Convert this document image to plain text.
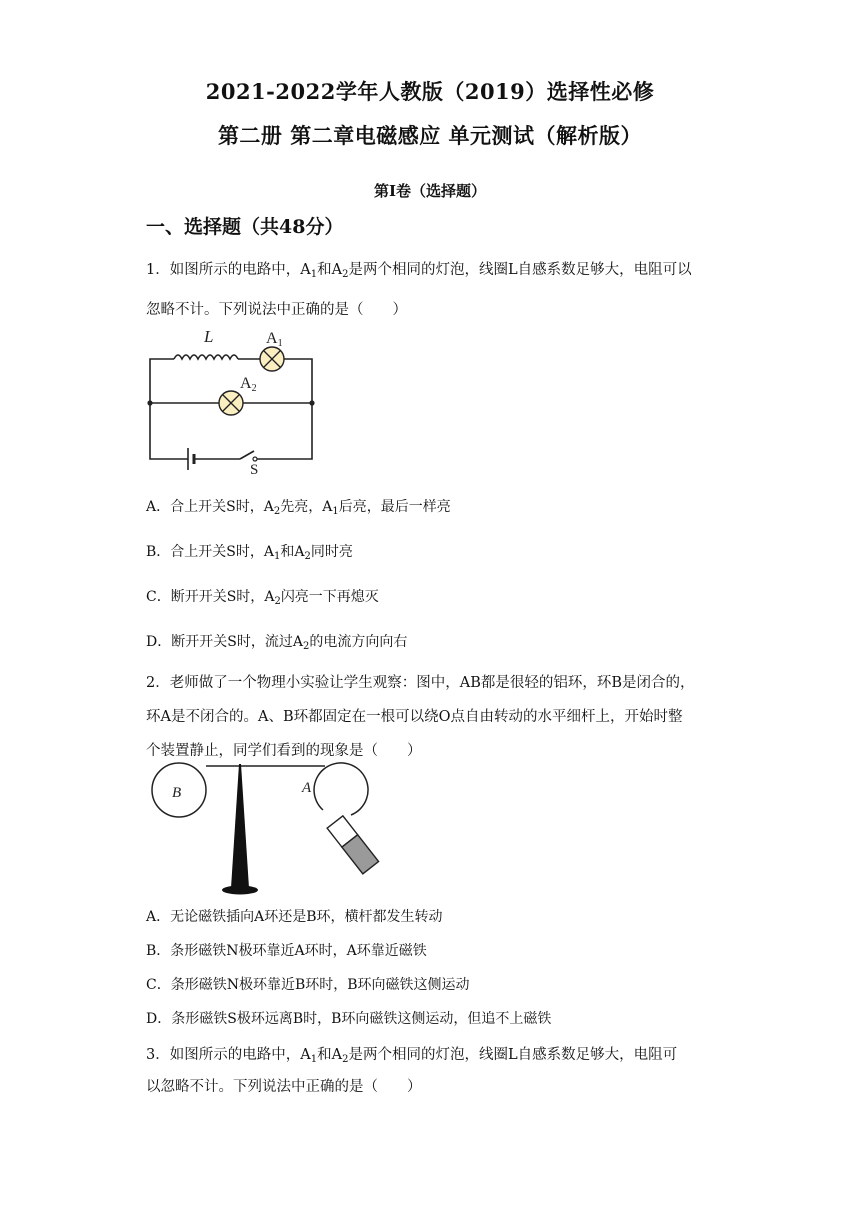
2021-2022学年人教版（2019）选择性必修
第二册 第二章电磁感应 单元测试（解析版）
第Ⅰ卷（选择题）
一、选择题（共48分）
1．如图所示的电路中，$A_1$和$A_2$是两个相同的灯泡，线圈L自感系数足够大，电阻可以
忽略不计。下列说法中正确的是（　　）
L	A1
A2
S
A．合上开关S时，$A_2$先亮，$A_1$后亮，最后一样亮
B．合上开关S时，$A_1$和$A_2$同时亮
C．断开开关S时，$A_2$闪亮一下再熄灭
D．断开开关S时，流过$A_2$的电流方向向右
2．老师做了一个物理小实验让学生观察：图中，AB都是很轻的铝环，环B是闭合的，
环A是不闭合的。A、B环都固定在一根可以绕O点自由转动的水平细杆上，开始时整
个装置静止，同学们看到的现象是（　　）
B	A
A．无论磁铁插向A环还是B环，横杆都发生转动
B．条形磁铁N极环靠近A环时，A环靠近磁铁
C．条形磁铁N极环靠近B环时，B环向磁铁这侧运动
D．条形磁铁S极环远离B时，B环向磁铁这侧运动，但追不上磁铁
3．如图所示的电路中，$A_1$和$A_2$是两个相同的灯泡，线圈L自感系数足够大，电阻可
以忽略不计。下列说法中正确的是（　　）
